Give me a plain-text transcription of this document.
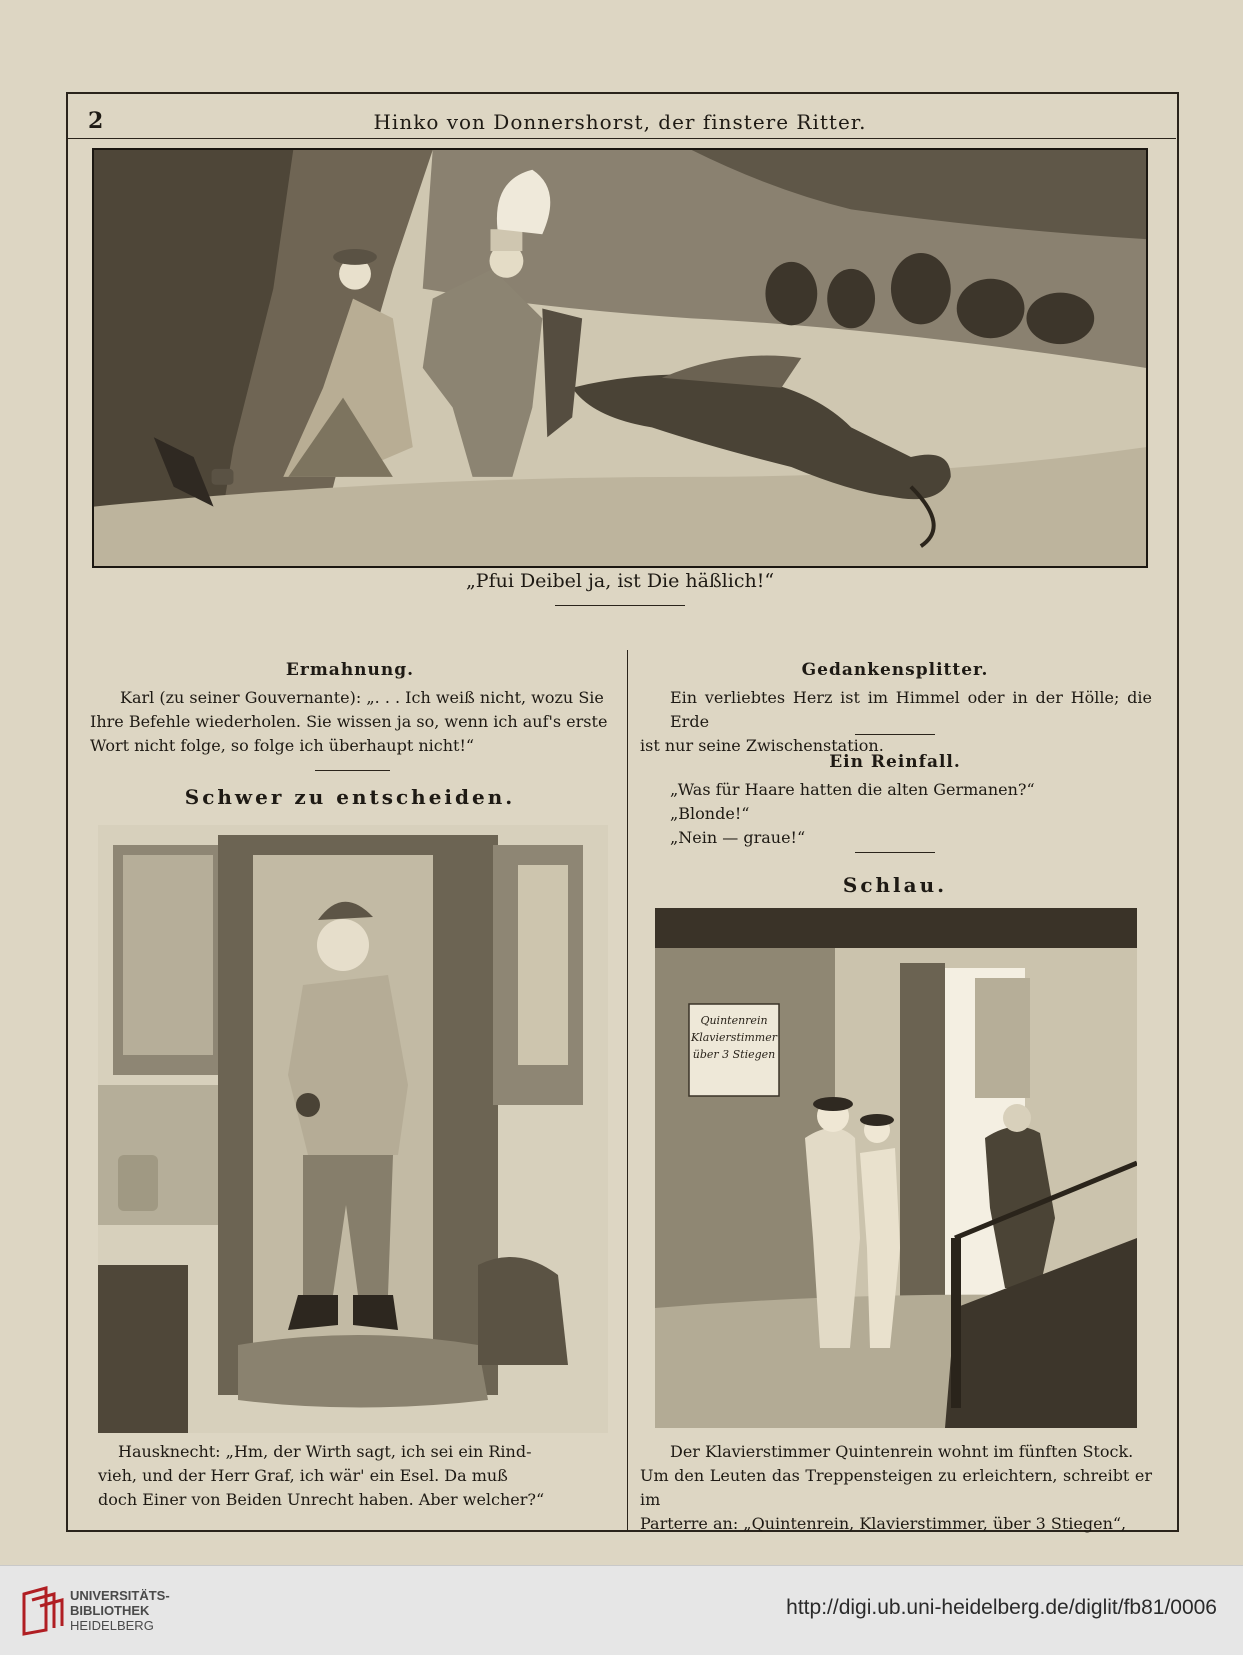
2	Hinko von Donnershorst, der finstere Ritter.
„Pfui Deibel ja, ist Die häßlich!“
Ermahnung.
Karl (zu seiner Gouvernante): „. . . Ich weiß nicht, wozu Sie
Ihre Befehle wiederholen. Sie wissen ja so, wenn ich auf's erste
Wort nicht folge, so folge ich überhaupt nicht!“
Schwer zu entscheiden.
Hausknecht: „Hm, der Wirth sagt, ich sei ein Rind-
vieh, und der Herr Graf, ich wär' ein Esel. Da muß
doch Einer von Beiden Unrecht haben. Aber welcher?“
Gedankensplitter.
Ein verliebtes Herz ist im Himmel oder in der Hölle; die Erde
ist nur seine Zwischenstation.
Ein Reinfall.
„Was für Haare hatten die alten Germanen?“
„Blonde!“
„Nein — graue!“
Schlau.
Quintenrein
Klavierstimmer
über 3 Stiegen
Der Klavierstimmer Quintenrein wohnt im fünften Stock.
Um den Leuten das Treppensteigen zu erleichtern, schreibt er im
Parterre an: „Quintenrein, Klavierstimmer, über 3 Stiegen“,
UNIVERSITÄTS-
BIBLIOTHEK
HEIDELBERG
http://digi.ub.uni-heidelberg.de/diglit/fb81/0006
